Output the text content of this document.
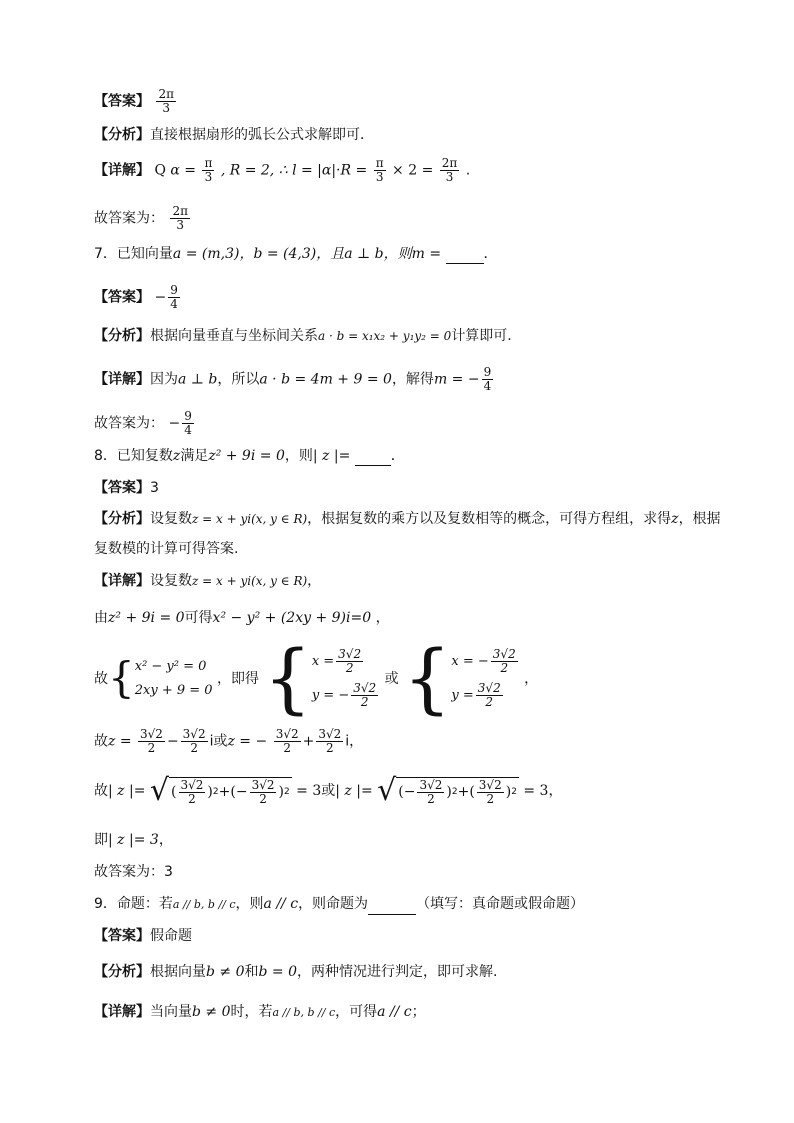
【答案】 $\frac{2\pi}{3}$
【分析】直接根据扇形的弧长公式求解即可．
【详解】 Q $\alpha = \frac{\pi}{3}$ , R = 2, ∴ $l = |\alpha|\cdot R = \frac{\pi}{3} \times 2 = \frac{2\pi}{3}$ .
故答案为： $\frac{2\pi}{3}$
7．已知向量a = (m,3)，b = (4,3)，且a ⊥ b，则m =	．
【答案】 − $\frac{9}{4}$
【分析】根据向量垂直与坐标间关系a · b = x₁x₂ + y₁y₂ = 0计算即可.
【详解】因为a ⊥ b，所以a · b = 4m + 9 = 0，解得m = − $\frac{9}{4}$
故答案为： − $\frac{9}{4}$
8．已知复数z满足z² + 9i = 0，则| z |=	．
【答案】3
【分析】设复数z = x + yi(x, y ∈ R)，根据复数的乘方以及复数相等的概念，可得方程组，求得z，根据
复数模的计算可得答案.
【详解】设复数z = x + yi(x, y ∈ R)，
由z² + 9i = 0可得x² − y² + (2xy + 9)i=0 ，
故 { x² − y² = 0
2xy + 9 = 0
，即得 { $x = \frac{3√2}{2}$
y = − $\frac{3√2}{2}$
或 { x = − $\frac{3√2}{2}$
$y = \frac{3√2}{2}$
，
故$z = \frac{3√2}{2} - \frac{3√2}{2}$ i或z = − $\frac{3√2}{2} + \frac{3√2}{2}$ i，
故| z |= √ ( $\frac{3√2}{2}$ ) 2 +(− $\frac{3√2}{2}$ ) 2 = 3或| z |= √ (− $\frac{3√2}{2}$ ) 2 +( $\frac{3√2}{2}$ ) 2 = 3，
即| z |= 3，
故答案为：3
9．命题：若a // b, b // c，则a // c，则命题为	（填写：真命题或假命题）
【答案】假命题
【分析】根据向量b ≠ 0和b = 0，两种情况进行判定，即可求解.
【详解】当向量b ≠ 0时，若a // b, b // c，可得a // c；
